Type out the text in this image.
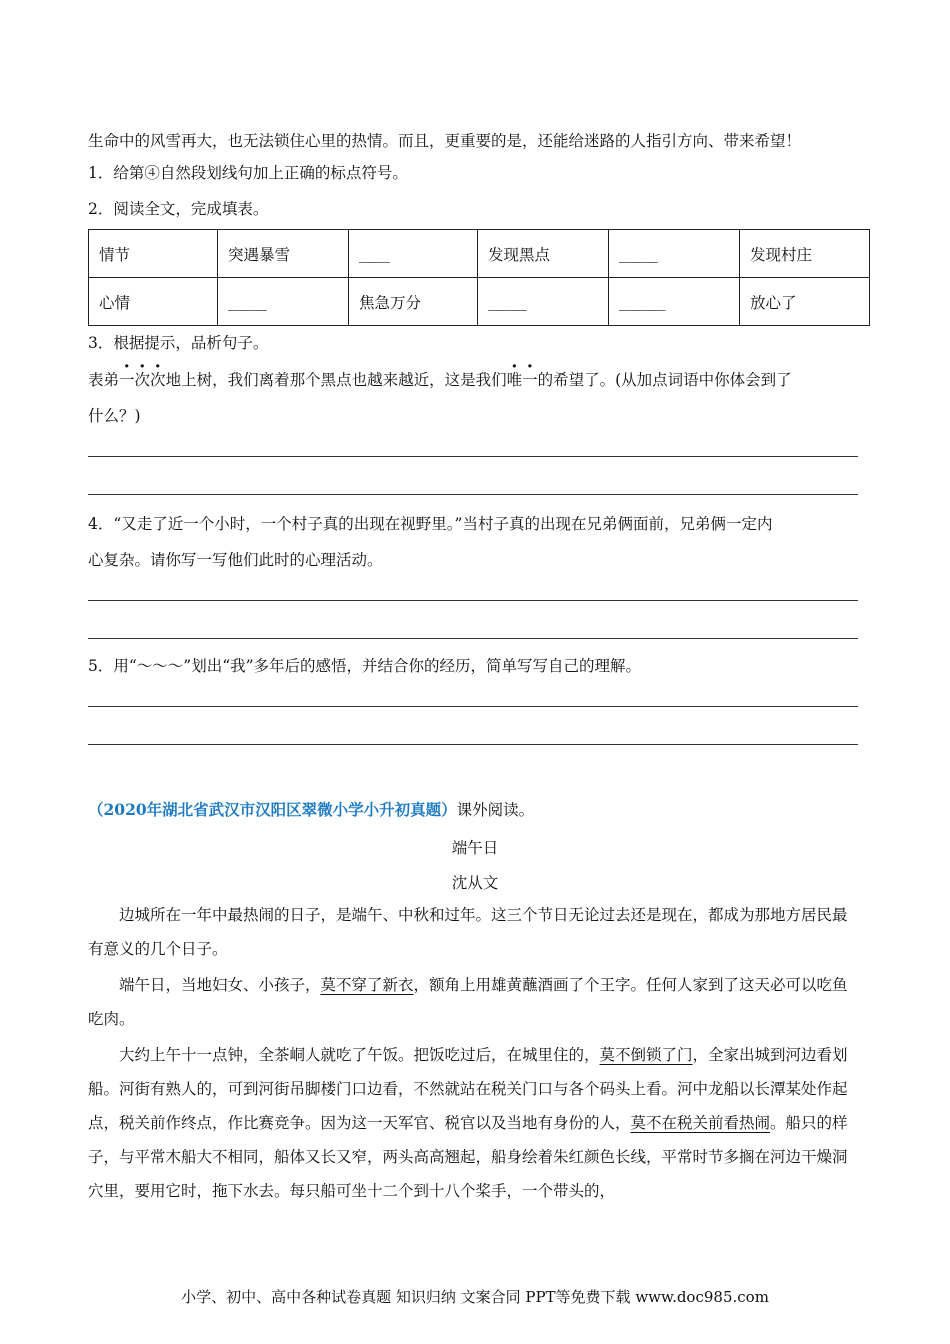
生命中的风雪再大，也无法锁住心里的热情。而且，更重要的是，还能给迷路的人指引方向、带来希望！
1．给第④自然段划线句加上正确的标点符号。
2．阅读全文，完成填表。
情节	突遇暴雪	____	发现黑点	_____	发现村庄
心情	_____	焦急万分	_____	______	放心了
3．根据提示，品析句子。
表弟一次次地上树，我们离着那个黑点也越来越近，这是我们唯一的希望了。(从加点词语中你体会到了
什么？)
4．“又走了近一个小时，一个村子真的出现在视野里。”当村子真的出现在兄弟俩面前，兄弟俩一定内
心复杂。请你写一写他们此时的心理活动。
5．用“～～～”划出“我”多年后的感悟，并结合你的经历，简单写写自己的理解。
（2020年湖北省武汉市汉阳区翠微小学小升初真题）课外阅读。
端午日
沈从文
边城所在一年中最热闹的日子，是端午、中秋和过年。这三个节日无论过去还是现在，都成为那地方居民最有意义的几个日子。
端午日，当地妇女、小孩子，莫不穿了新衣，额角上用雄黄蘸酒画了个王字。任何人家到了这天必可以吃鱼吃肉。
大约上午十一点钟，全茶峒人就吃了午饭。把饭吃过后，在城里住的，莫不倒锁了门，全家出城到河边看划船。河街有熟人的，可到河街吊脚楼门口边看，不然就站在税关门口与各个码头上看。河中龙船以长潭某处作起点，税关前作终点，作比赛竞争。因为这一天军官、税官以及当地有身份的人，莫不在税关前看热闹。船只的样子，与平常木船大不相同，船体又长又窄，两头高高翘起，船身绘着朱红颜色长线，平常时节多搁在河边干燥洞穴里，要用它时，拖下水去。每只船可坐十二个到十八个桨手，一个带头的，
小学、初中、高中各种试卷真题 知识归纳 文案合同 PPT等免费下载 www.doc985.com
